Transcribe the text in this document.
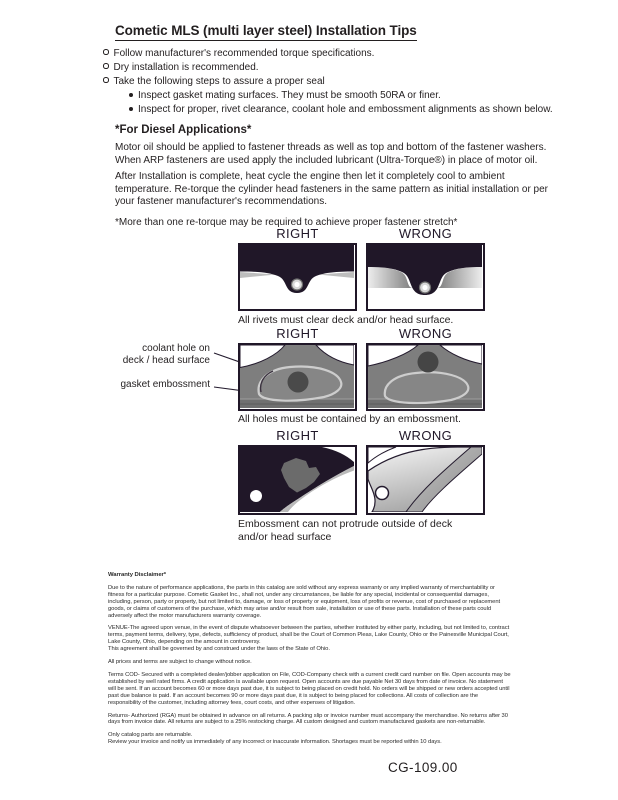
Cometic MLS (multi layer steel) Installation Tips
Follow manufacturer's recommended torque specifications.
Dry installation is recommended.
Take the following steps to assure a proper seal
Inspect gasket mating surfaces. They must be smooth 50RA or finer.
Inspect for proper, rivet clearance, coolant hole and embossment alignments as shown below.
*For Diesel Applications*

Motor oil should be applied to fastener threads as well as top and bottom of the fastener washers. When ARP fasteners are used apply the included lubricant (Ultra-Torque®) in place of motor oil.

After Installation is complete, heat cycle the engine then let it completely cool to ambient temperature. Re-torque the cylinder head fasteners in the same pattern as initial installation or per your fastener manufacturer's recommendations.

*More than one re-torque may be required to achieve proper fastener stretch*

RIGHT	WRONG
All rivets must clear deck and/or head surface.
RIGHT	WRONG
coolant hole on
deck / head surface
gasket embossment
All holes must be contained by an embossment.
RIGHT	WRONG
Embossment can not protrude outside of deck
and/or head surface
Warranty Disclaimer*

Due to the nature of performance applications, the parts in this catalog are sold without any express warranty or any implied warranty of merchantability or fitness for a particular purpose. Cometic Gasket Inc., shall not, under any circumstances, be liable for any special, incidental or consequential damages, including, person, party or property, but not limited to, damage, or loss of property or equipment, loss of profits or revenue, cost of purchased or replacement goods, or claims of customers of the purchase, which may arise and/or result from sale, installation or use of these parts. Installation of these parts could adversely affect the motor manufacturers warranty coverage.

VENUE-The agreed upon venue, in the event of dispute whatsoever between the parties, whether instituted by either party, including, but not limited to, contract terms, payment terms, delivery, type, defects, sufficiency of product, shall be the Court of Common Pleas, Lake County, Ohio or the Painesville Municipal Court, Lake County, Ohio, depending on the amount in controversy.

This agreement shall be governed by and construed under the laws of the State of Ohio.

All prices and terms are subject to change without notice.

Terms COD- Secured with a completed dealer/jobber application on File, COD-Company check with a current credit card number on file. Open accounts may be established by well rated firms. A credit application is available upon request. Open accounts are due payable Net 30 days from date of invoice. No statement will be sent. If an account becomes 60 or more days past due, it is subject to being placed on credit hold. No orders will be shipped or new orders accepted until past due balance is paid. If an account becomes 90 or more days past due, it is subject to being placed for collections. All costs of collection are the responsibility of the customer, including attorney fees, court costs, and other expenses of litigation.

Returns- Authorized (RGA) must be obtained in advance on all returns. A packing slip or invoice number must accompany the merchandise. No returns after 30 days from invoice date. All returns are subject to a 25% restocking charge. All custom designed and custom manufactured gaskets are non-returnable.

Only catalog parts are returnable.

Review your invoice and notify us immediately of any incorrect or inaccurate information. Shortages must be reported within 10 days.

CG-109.00
